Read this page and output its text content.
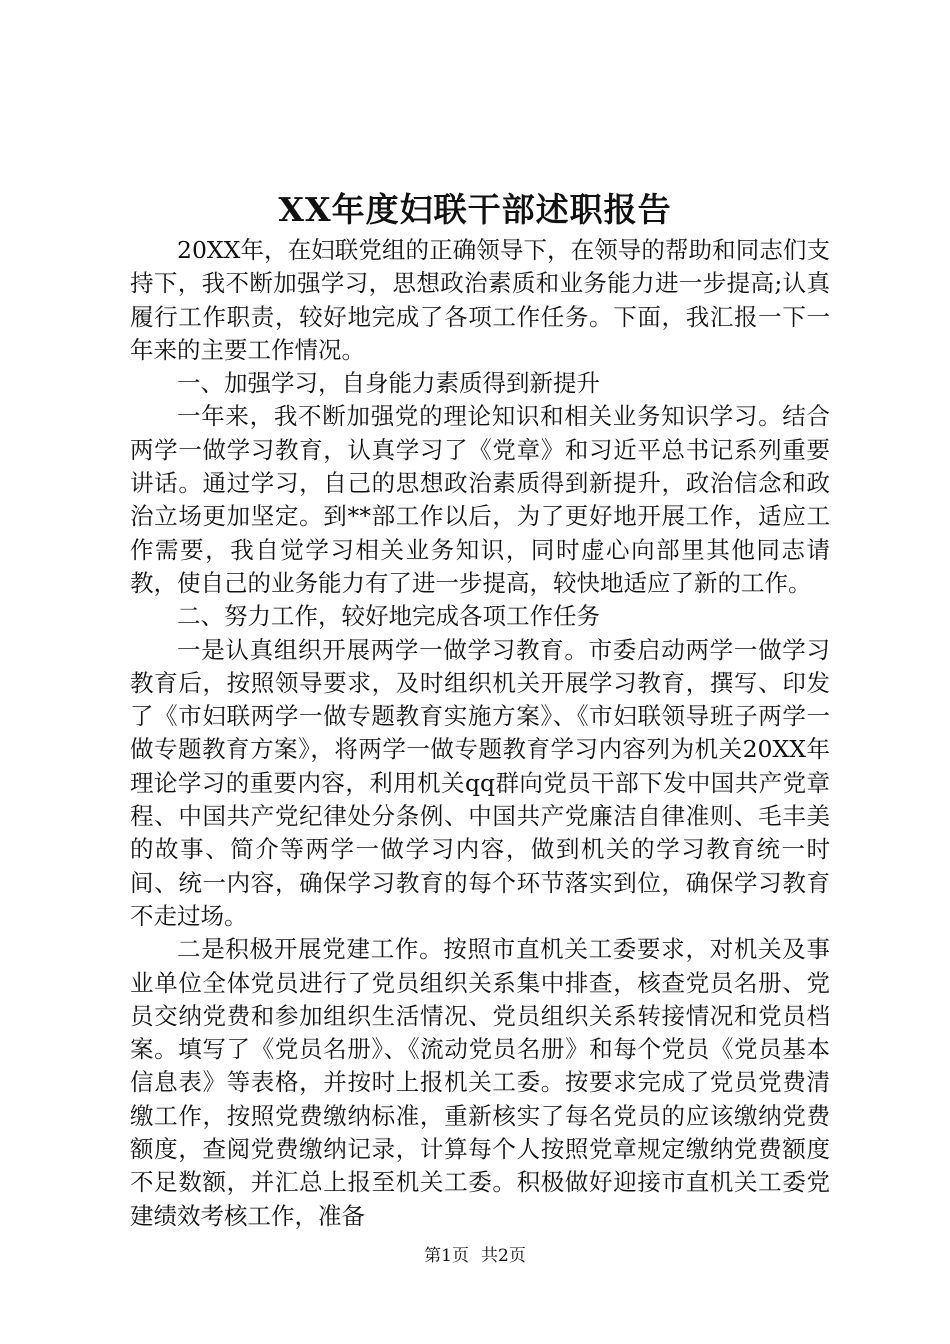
XX年度妇联干部述职报告

20XX年，在妇联党组的正确领导下，在领导的帮助和同志们支持下，我不断加强学习，思想政治素质和业务能力进一步提高;认真履行工作职责，较好地完成了各项工作任务。下面，我汇报一下一年来的主要工作情况。

一、加强学习，自身能力素质得到新提升

一年来，我不断加强党的理论知识和相关业务知识学习。结合两学一做学习教育，认真学习了《党章》和习近平总书记系列重要讲话。通过学习，自己的思想政治素质得到新提升，政治信念和政治立场更加坚定。到**部工作以后，为了更好地开展工作，适应工作需要，我自觉学习相关业务知识，同时虚心向部里其他同志请教，使自己的业务能力有了进一步提高，较快地适应了新的工作。

二、努力工作，较好地完成各项工作任务

一是认真组织开展两学一做学习教育。市委启动两学一做学习教育后，按照领导要求，及时组织机关开展学习教育，撰写、印发了《市妇联两学一做专题教育实施方案》、《市妇联领导班子两学一做专题教育方案》，将两学一做专题教育学习内容列为机关20XX年理论学习的重要内容，利用机关qq群向党员干部下发中国共产党章程、中国共产党纪律处分条例、中国共产党廉洁自律准则、毛丰美的故事、简介等两学一做学习内容，做到机关的学习教育统一时间、统一内容，确保学习教育的每个环节落实到位，确保学习教育不走过场。

二是积极开展党建工作。按照市直机关工委要求，对机关及事业单位全体党员进行了党员组织关系集中排查，核查党员名册、党员交纳党费和参加组织生活情况、党员组织关系转接情况和党员档案。填写了《党员名册》、《流动党员名册》和每个党员《党员基本信息表》等表格，并按时上报机关工委。按要求完成了党员党费清缴工作，按照党费缴纳标准，重新核实了每名党员的应该缴纳党费额度，查阅党费缴纳记录，计算每个人按照党章规定缴纳党费额度不足数额，并汇总上报至机关工委。积极做好迎接市直机关工委党建绩效考核工作，准备

第1页 共2页
